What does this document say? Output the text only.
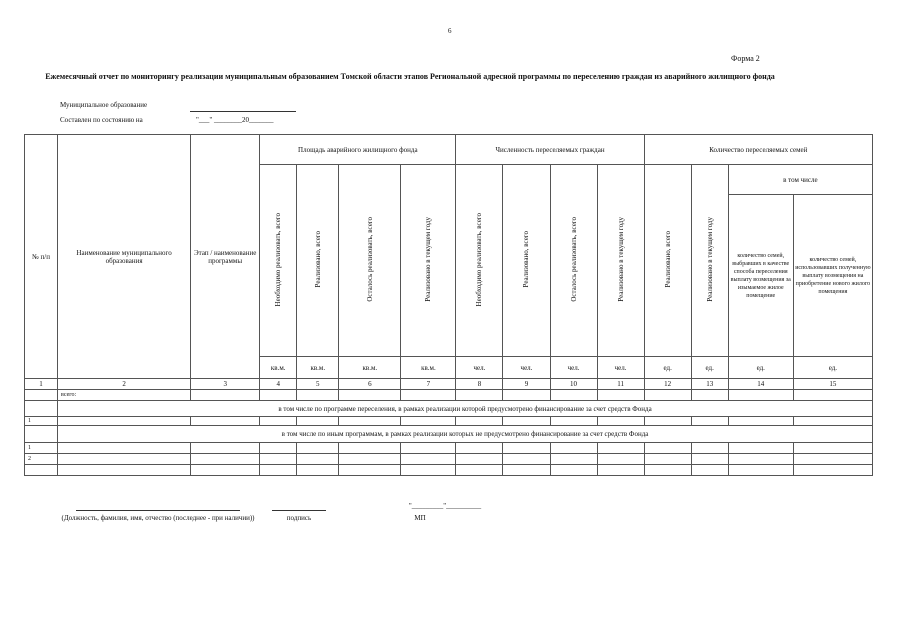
6
Форма 2
Ежемесячный отчет по мониторингу реализации муниципальным образованием Томской области этапов Региональной адресной программы по переселению граждан из аварийного жилищного фонда
Муниципальное образование
Составлен по состоянию на	"___" ________20_______
№ п/п	Наименование муниципального образования	Этап / наименование программы	Площадь аварийного жилищного фонда				Численность переселяемых граждан				Количество переселяемых семей			
			Необходимо реализовать, всего	Реализовано, всего	Осталось реализовать, всего	Реализовано в текущем году	Необходимо реализовать, всего	Реализовано, всего	Осталось реализовать, всего	Реализовано в текущем году	Реализовано, всего	Реализовано в текущем году	в том числе	
													количество семей, выбравших в качестве способа переселения выплату возмещения за изымаемое жилое помещение	количество семей, использовавших полученную выплату возмещения на приобретение нового жилого помещения
			кв.м.	кв.м.	кв.м.	кв.м.	чел.	чел.	чел.	чел.	ед.	ед.	ед.	ед.
1	2	3	4	5	6	7	8	9	10	11	12	13	14	15
	всего:													
	в том числе по программе переселения, в рамках реализации которой предусмотрено финансирование за счет средств Фонда													
1														
	в том числе по иным программам, в рамках реализации которых не предусмотрено финансирование за счет средств Фонда													
1														
2														

(Должность, фамилия, имя, отчество (последнее - при наличии))	подпись
"_________"__________
МП
